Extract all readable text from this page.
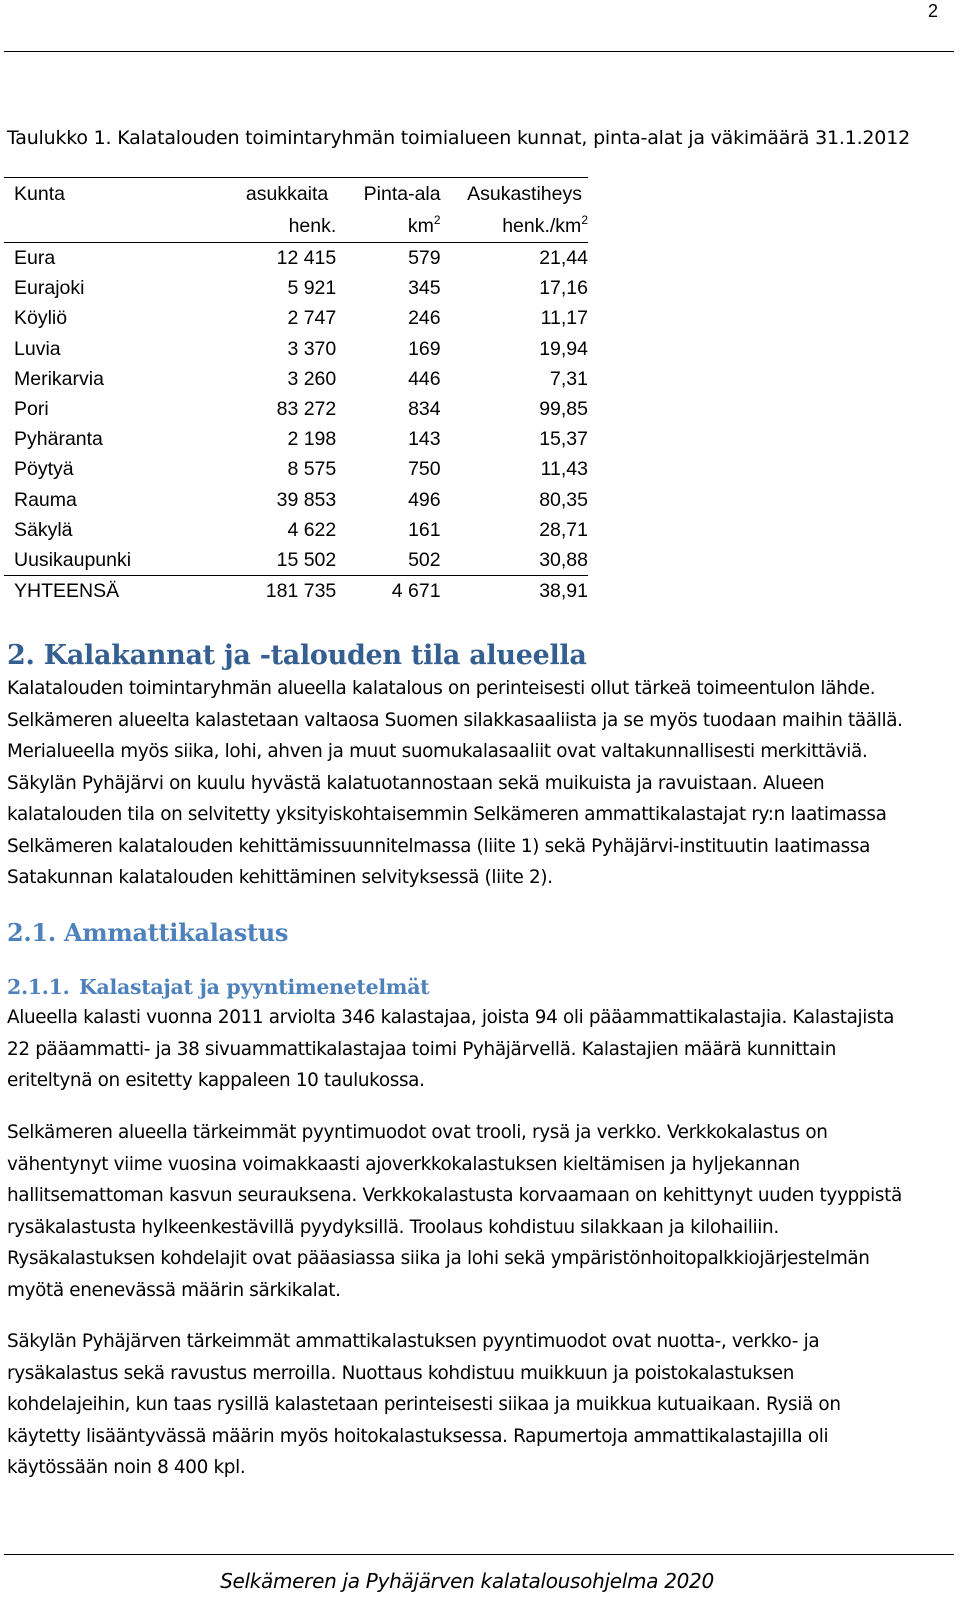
2
Taulukko 1. Kalatalouden toimintaryhmän toimialueen kunnat, pinta-alat ja väkimäärä 31.1.2012
Kunta	asukkaita	Pinta-ala	Asukastiheys
	henk.	$km^2$	$henk./km^2$
Eura	12 415	579	21,44
Eurajoki	5 921	345	17,16
Köyliö	2 747	246	11,17
Luvia	3 370	169	19,94
Merikarvia	3 260	446	7,31
Pori	83 272	834	99,85
Pyhäranta	2 198	143	15,37
Pöytyä	8 575	750	11,43
Rauma	39 853	496	80,35
Säkylä	4 622	161	28,71
Uusikaupunki	15 502	502	30,88
YHTEENSÄ	181 735	4 671	38,91
2. Kalakannat ja -talouden tila alueella
Kalatalouden toimintaryhmän alueella kalatalous on perinteisesti ollut tärkeä toimeentulon lähde.
Selkämeren alueelta kalastetaan valtaosa Suomen silakkasaaliista ja se myös tuodaan maihin täällä.
Merialueella myös siika, lohi, ahven ja muut suomukalasaaliit ovat valtakunnallisesti merkittäviä.
Säkylän Pyhäjärvi on kuulu hyvästä kalatuotannostaan sekä muikuista ja ravuistaan. Alueen
kalatalouden tila on selvitetty yksityiskohtaisemmin Selkämeren ammattikalastajat ry:n laatimassa
Selkämeren kalatalouden kehittämissuunnitelmassa (liite 1) sekä Pyhäjärvi-instituutin laatimassa
Satakunnan kalatalouden kehittäminen selvityksessä (liite 2).
2.1. Ammattikalastus
2.1.1. Kalastajat ja pyyntimenetelmät
Alueella kalasti vuonna 2011 arviolta 346 kalastajaa, joista 94 oli pääammattikalastajia. Kalastajista
22 pääammatti- ja 38 sivuammattikalastajaa toimi Pyhäjärvellä. Kalastajien määrä kunnittain
eriteltynä on esitetty kappaleen 10 taulukossa.
Selkämeren alueella tärkeimmät pyyntimuodot ovat trooli, rysä ja verkko. Verkkokalastus on
vähentynyt viime vuosina voimakkaasti ajoverkkokalastuksen kieltämisen ja hyljekannan
hallitsemattoman kasvun seurauksena. Verkkokalastusta korvaamaan on kehittynyt uuden tyyppistä
rysäkalastusta hylkeenkestävillä pyydyksillä. Troolaus kohdistuu silakkaan ja kilohailiin.
Rysäkalastuksen kohdelajit ovat pääasiassa siika ja lohi sekä ympäristönhoitopalkkiojärjestelmän
myötä enenevässä määrin särkikalat.
Säkylän Pyhäjärven tärkeimmät ammattikalastuksen pyyntimuodot ovat nuotta-, verkko- ja
rysäkalastus sekä ravustus merroilla. Nuottaus kohdistuu muikkuun ja poistokalastuksen
kohdelajeihin, kun taas rysillä kalastetaan perinteisesti siikaa ja muikkua kutuaikaan. Rysiä on
käytetty lisääntyvässä määrin myös hoitokalastuksessa. Rapumertoja ammattikalastajilla oli
käytössään noin 8 400 kpl.
Selkämeren ja Pyhäjärven kalatalousohjelma 2020
